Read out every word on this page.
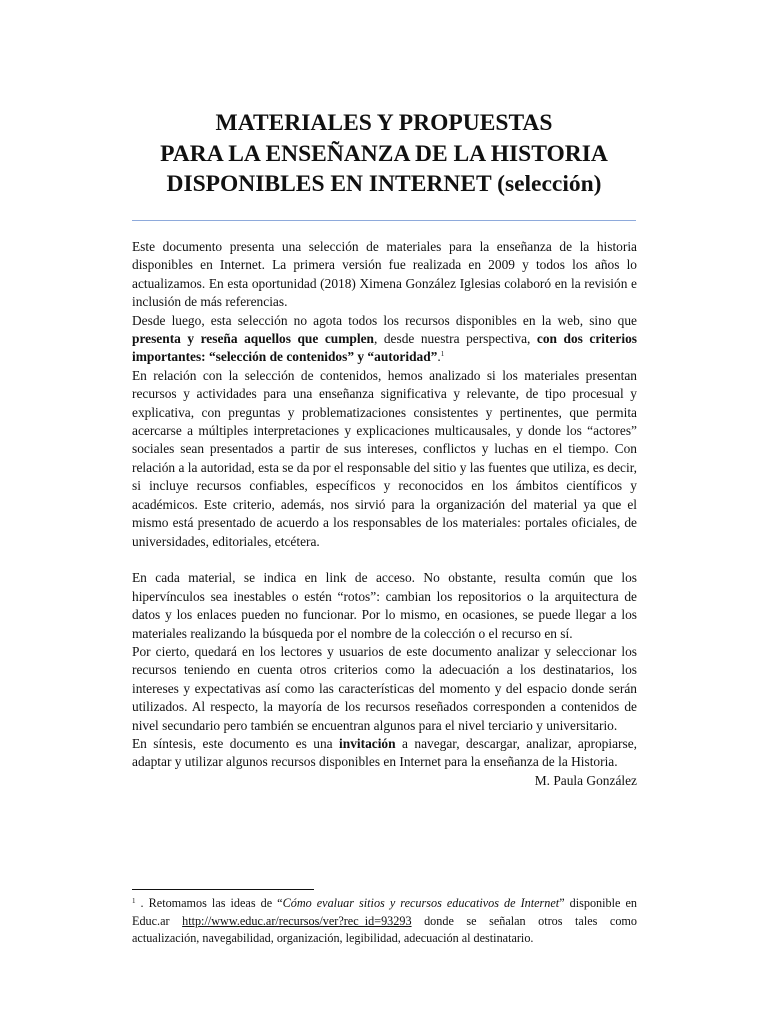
MATERIALES Y PROPUESTAS
PARA LA ENSEÑANZA DE LA HISTORIA
DISPONIBLES EN INTERNET (selección)

Este documento presenta una selección de materiales para la enseñanza de la historia disponibles en Internet. La primera versión fue realizada en 2009 y todos los años lo actualizamos. En esta oportunidad (2018) Ximena González Iglesias colaboró en la revisión e inclusión de más referencias.

Desde luego, esta selección no agota todos los recursos disponibles en la web, sino que presenta y reseña aquellos que cumplen, desde nuestra perspectiva, con dos criterios importantes: “selección de contenidos” y “autoridad”.$^1$

En relación con la selección de contenidos, hemos analizado si los materiales presentan recursos y actividades para una enseñanza significativa y relevante, de tipo procesual y explicativa, con preguntas y problematizaciones consistentes y pertinentes, que permita acercarse a múltiples interpretaciones y explicaciones multicausales, y donde los “actores” sociales sean presentados a partir de sus intereses, conflictos y luchas en el tiempo. Con relación a la autoridad, esta se da por el responsable del sitio y las fuentes que utiliza, es decir, si incluye recursos confiables, específicos y reconocidos en los ámbitos científicos y académicos. Este criterio, además, nos sirvió para la organización del material ya que el mismo está presentado de acuerdo a los responsables de los materiales: portales oficiales, de universidades, editoriales, etcétera.

En cada material, se indica en link de acceso. No obstante, resulta común que los hipervínculos sea inestables o estén “rotos”: cambian los repositorios o la arquitectura de datos y los enlaces pueden no funcionar. Por lo mismo, en ocasiones, se puede llegar a los materiales realizando la búsqueda por el nombre de la colección o el recurso en sí.

Por cierto, quedará en los lectores y usuarios de este documento analizar y seleccionar los recursos teniendo en cuenta otros criterios como la adecuación a los destinatarios, los intereses y expectativas así como las características del momento y del espacio donde serán utilizados. Al respecto, la mayoría de los recursos reseñados corresponden a contenidos de nivel secundario pero también se encuentran algunos para el nivel terciario y universitario.

En síntesis, este documento es una invitación a navegar, descargar, analizar, apropiarse, adaptar y utilizar algunos recursos disponibles en Internet para la enseñanza de la Historia.

M. Paula González

$^1$ . Retomamos las ideas de “Cómo evaluar sitios y recursos educativos de Internet” disponible en Educ.ar http://www.educ.ar/recursos/ver?rec_id=93293 donde se señalan otros tales como actualización, navegabilidad, organización, legibilidad, adecuación al destinatario.
